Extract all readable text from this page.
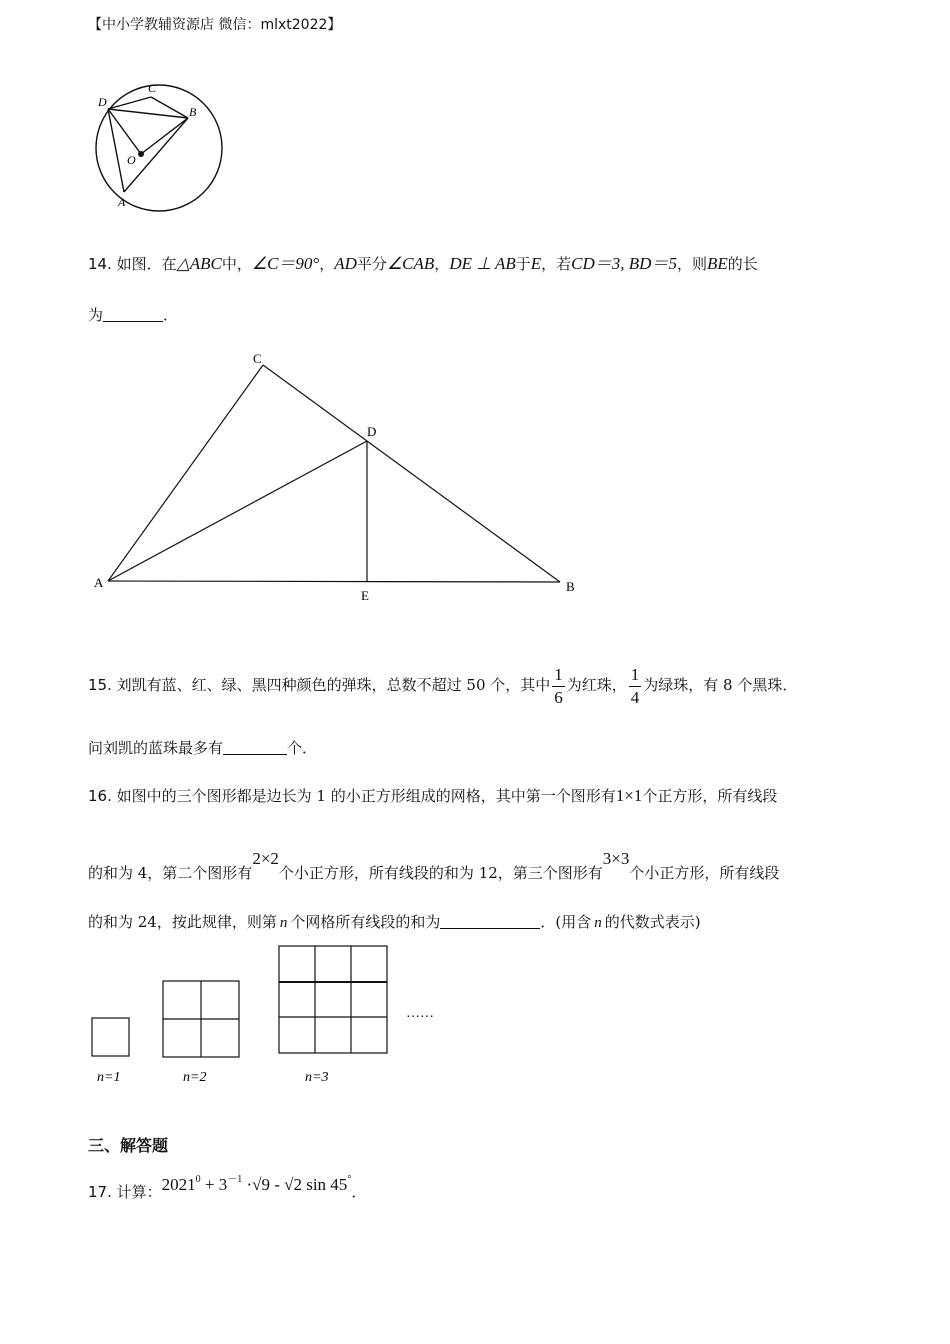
【中小学教辅资源店 微信：mlxt2022】
D
C
B
O
A
14. 如图．在△ABC中，∠C＝90°，AD平分∠CAB，DE ⊥ AB于E，若CD＝3, BD＝5，则BE的长
为	．
C
D
A
E
B
15. 刘凯有蓝、红、绿、黑四种颜色的弹珠，总数不超过 50 个，其中 $\frac{1}{6}$ 为红珠， $\frac{1}{4}$ 为绿珠，有 8 个黑珠．
问刘凯的蓝珠最多有	个．
16. 如图中的三个图形都是边长为 1 的小正方形组成的网格，其中第一个图形有1×1个正方形，所有线段
的和为 4，第二个图形有2×2个小正方形，所有线段的和为 12，第三个图形有3×3个小正方形，所有线段
的和为 24，按此规律，则第 n 个网格所有线段的和为	．(用含 n 的代数式表示)
……
n=1	n=2	n=3
三、解答题
17. 计算：$2021^0 + 3^{-1} \cdot√9 - √2$ sin 45°．
